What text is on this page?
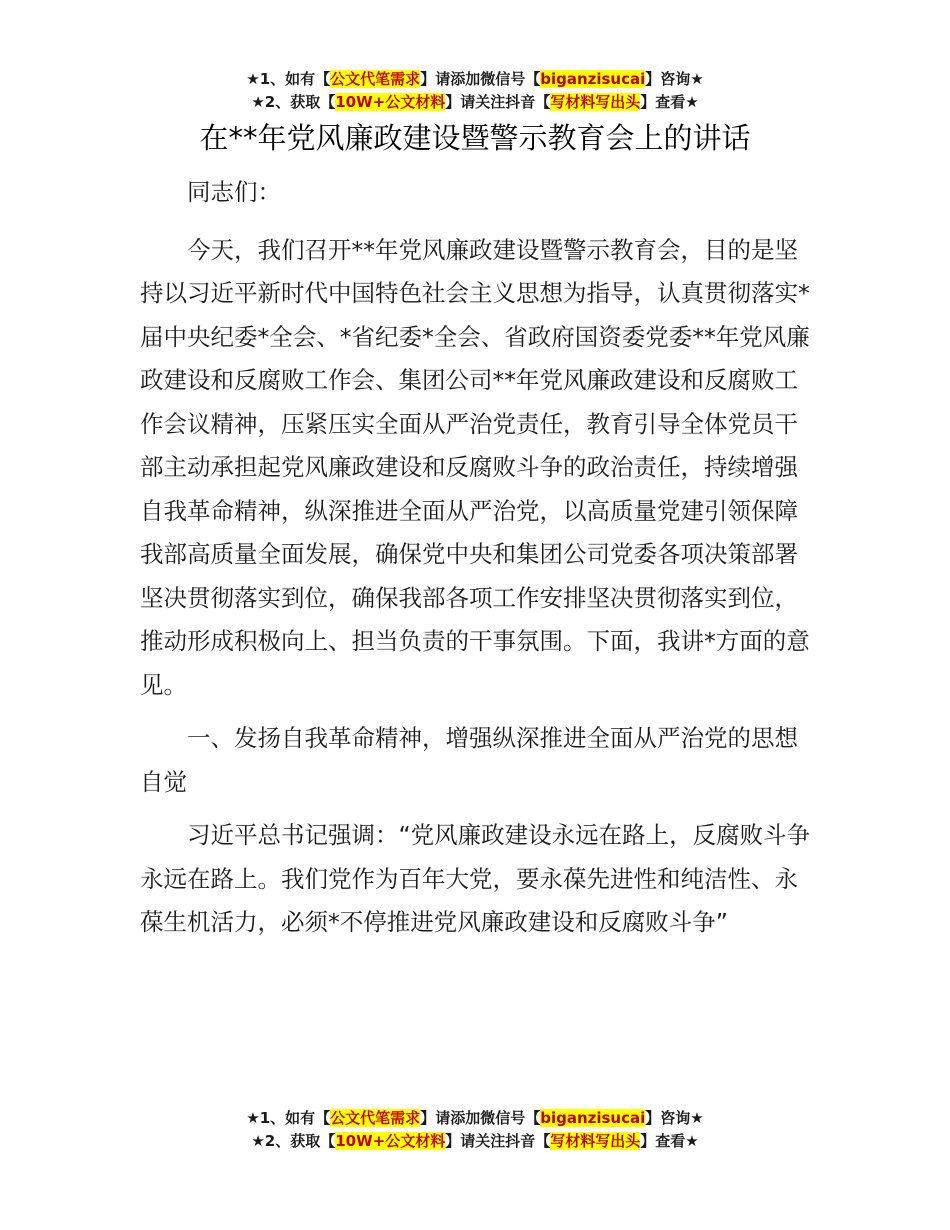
★1、如有【公文代笔需求】请添加微信号【biganzisucai】咨询★
★2、获取【10W+公文材料】请关注抖音【写材料写出头】查看★
在**年党风廉政建设暨警示教育会上的讲话

同志们：

今天，我们召开**年党风廉政建设暨警示教育会，目的是坚持以习近平新时代中国特色社会主义思想为指导，认真贯彻落实*届中央纪委*全会、*省纪委*全会、省政府国资委党委**年党风廉政建设和反腐败工作会、集团公司**年党风廉政建设和反腐败工作会议精神，压紧压实全面从严治党责任，教育引导全体党员干部主动承担起党风廉政建设和反腐败斗争的政治责任，持续增强自我革命精神，纵深推进全面从严治党，以高质量党建引领保障我部高质量全面发展，确保党中央和集团公司党委各项决策部署坚决贯彻落实到位，确保我部各项工作安排坚决贯彻落实到位，推动形成积极向上、担当负责的干事氛围。下面，我讲*方面的意见。

一、发扬自我革命精神，增强纵深推进全面从严治党的思想自觉

习近平总书记强调：“党风廉政建设永远在路上，反腐败斗争永远在路上。我们党作为百年大党，要永葆先进性和纯洁性、永葆生机活力，必须*不停推进党风廉政建设和反腐败斗争”

★1、如有【公文代笔需求】请添加微信号【biganzisucai】咨询★
★2、获取【10W+公文材料】请关注抖音【写材料写出头】查看★
